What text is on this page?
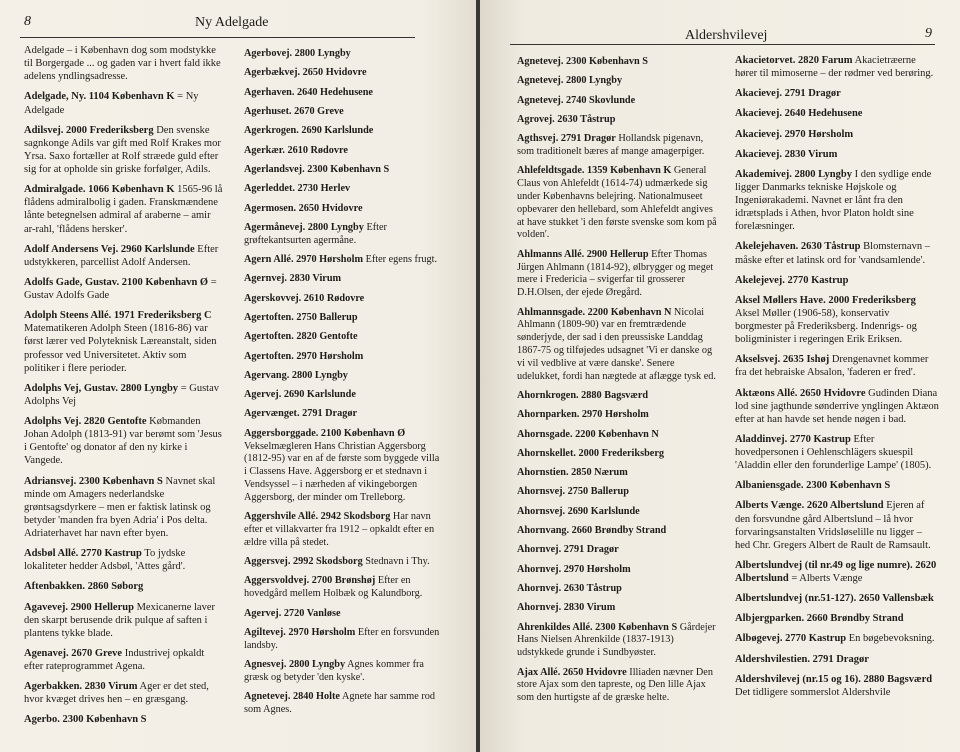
8	Ny Adelgade
Adelgade – i København dog som modstykke til Borgergade ... og gaden var i hvert fald ikke adelens yndlingsadresse.
Adelgade, Ny. 1104 København K = Ny Adelgade
Adilsvej. 2000 Frederiksberg Den svenske sagnkonge Adils var gift med Rolf Krakes mor Yrsa. Saxo fortæller at Rolf stræede guld efter sig for at opholde sin griske forfølger, Adils.
Admiralgade. 1066 København K 1565-96 lå flådens admiralbolig i gaden. Franskmændene lånte betegnelsen admiral af araberne – amir ar-rahl, 'flådens hersker'.
Adolf Andersens Vej. 2960 Karlslunde Efter udstykkeren, parcellist Adolf Andersen.
Adolfs Gade, Gustav. 2100 København Ø = Gustav Adolfs Gade
Adolph Steens Allé. 1971 Frederiksberg C Matematikeren Adolph Steen (1816-86) var først lærer ved Polyteknisk Læreanstalt, siden professor ved Universitetet. Aktiv som politiker i flere perioder.
Adolphs Vej, Gustav. 2800 Lyngby = Gustav Adolphs Vej
Adolphs Vej. 2820 Gentofte Købmanden Johan Adolph (1813-91) var berømt som 'Jesus i Gentofte' og donator af den ny kirke i Vangede.
Adriansvej. 2300 København S Navnet skal minde om Amagers nederlandske grøntsagsdyrkere – men er faktisk latinsk og betyder 'manden fra byen Adria' i Pos delta. Adriaterhavet har navn efter byen.
Adsbøl Allé. 2770 Kastrup To jydske lokaliteter hedder Adsbøl, 'Attes gård'.
Aftenbakken. 2860 Søborg
Agavevej. 2900 Hellerup Mexicanerne laver den skarpt berusende drik pulque af saften i plantens tykke blade.
Agenavej. 2670 Greve Industrivej opkaldt efter rateprogrammet Agena.
Agerbakken. 2830 Virum Ager er det sted, hvor kvæget drives hen – en græsgang.
Agerbo. 2300 København S
Agerbovej. 2800 Lyngby
Agerbækvej. 2650 Hvidovre
Agerhaven. 2640 Hedehusene
Agerhuset. 2670 Greve
Agerkrogen. 2690 Karlslunde
Agerkær. 2610 Rødovre
Agerlandsvej. 2300 København S
Agerleddet. 2730 Herlev
Agermosen. 2650 Hvidovre
Agermånevej. 2800 Lyngby Efter grøftekantsurten agermåne.
Agern Allé. 2970 Hørsholm Efter egens frugt.
Agernvej. 2830 Virum
Agerskovvej. 2610 Rødovre
Agertoften. 2750 Ballerup
Agertoften. 2820 Gentofte
Agertoften. 2970 Hørsholm
Agervang. 2800 Lyngby
Agervej. 2690 Karlslunde
Agervænget. 2791 Dragør
Aggersborggade. 2100 København Ø Vekselmægleren Hans Christian Aggersborg (1812-95) var en af de første som byggede villa i Classens Have. Aggersborg er et stednavn i Vendsyssel – i nærheden af vikingeborgen Aggersborg, der minder om Trelleborg.
Aggershvile Allé. 2942 Skodsborg Har navn efter et villakvarter fra 1912 – opkaldt efter en ældre villa på stedet.
Aggersvej. 2992 Skodsborg Stednavn i Thy.
Aggersvoldvej. 2700 Brønshøj Efter en hovedgård mellem Holbæk og Kalundborg.
Agervej. 2720 Vanløse
Agiltevej. 2970 Hørsholm Efter en forsvunden landsby.
Agnesvej. 2800 Lyngby Agnes kommer fra græsk og betyder 'den kyske'.
Agnetevej. 2840 Holte Agnete har samme rod som Agnes.
Aldershvilevej	9
Agnetevej. 2300 København S
Agnetevej. 2800 Lyngby
Agnetevej. 2740 Skovlunde
Agrovej. 2630 Tåstrup
Agthsvej. 2791 Dragør Hollandsk pigenavn, som traditionelt bæres af mange amagerpiger.
Ahlefeldtsgade. 1359 København K General Claus von Ahlefeldt (1614-74) udmærkede sig under Københavns belejring. Nationalmuseet opbevarer den hellebard, som Ahlefeldt angives at have stukket 'i den første svenske som kom på volden'.
Ahlmanns Allé. 2900 Hellerup Efter Thomas Jürgen Ahlmann (1814-92), ølbrygger og meget mere i Fredericia – svigerfar til grosserer D.H.Olsen, der ejede Øregård.
Ahlmannsgade. 2200 København N Nicolai Ahlmann (1809-90) var en fremtrædende sønderjyde, der sad i den preussiske Landdag 1867-75 og tilføjedes udsagnet 'Vi er danske og vi vil vedblive at være danske'. Senere udelukket, fordi han nægtede at aflægge tysk ed.
Ahornkrogen. 2880 Bagsværd
Ahornparken. 2970 Hørsholm
Ahornsgade. 2200 København N
Ahornskellet. 2000 Frederiksberg
Ahornstien. 2850 Nærum
Ahornsvej. 2750 Ballerup
Ahornsvej. 2690 Karlslunde
Ahornvang. 2660 Brøndby Strand
Ahornvej. 2791 Dragør
Ahornvej. 2970 Hørsholm
Ahornvej. 2630 Tåstrup
Ahornvej. 2830 Virum
Ahrenkildes Allé. 2300 København S Gårdejer Hans Nielsen Ahrenkilde (1837-1913) udstykkede grunde i Sundbyøster.
Ajax Allé. 2650 Hvidovre Illiaden nævner Den store Ajax som den tapreste, og Den lille Ajax som den hurtigste af de græske helte.
Akacietorvet. 2820 Farum Akacietræerne hører til mimoserne – der rødmer ved berøring.
Akacievej. 2791 Dragør
Akacievej. 2640 Hedehusene
Akacievej. 2970 Hørsholm
Akacievej. 2830 Virum
Akademivej. 2800 Lyngby I den sydlige ende ligger Danmarks tekniske Højskole og Ingeniørakademi. Navnet er lånt fra den idrætsplads i Athen, hvor Platon holdt sine forelæsninger.
Akelejehaven. 2630 Tåstrup Blomsternavn – måske efter et latinsk ord for 'vandsamlende'.
Akelejevej. 2770 Kastrup
Aksel Møllers Have. 2000 Frederiksberg Aksel Møller (1906-58), konservativ borgmester på Frederiksberg. Indenrigs- og boligminister i regeringen Erik Eriksen.
Akselsvej. 2635 Ishøj Drengenavnet kommer fra det hebraiske Absalon, 'faderen er fred'.
Aktæons Allé. 2650 Hvidovre Gudinden Diana lod sine jagthunde sønderrive ynglingen Aktæon efter at han havde set hende nøgen i bad.
Aladdinvej. 2770 Kastrup Efter hovedpersonen i Oehlenschlägers skuespil 'Aladdin eller den forunderlige Lampe' (1805).
Albaniensgade. 2300 København S
Alberts Vænge. 2620 Albertslund Ejeren af den forsvundne gård Albertslund – lå hvor forvaringsanstalten Vridsløselille nu ligger – hed Chr. Gregers Albert de Rault de Ramsault.
Albertslundvej (til nr.49 og lige numre). 2620 Albertslund = Alberts Vænge
Albertslundvej (nr.51-127). 2650 Vallensbæk
Albjergparken. 2660 Brøndby Strand
Albøgevej. 2770 Kastrup En bøgebevoksning.
Aldershvilestien. 2791 Dragør
Aldershvilevej (nr.15 og 16). 2880 Bagsværd Det tidligere sommerslot Aldershvile
